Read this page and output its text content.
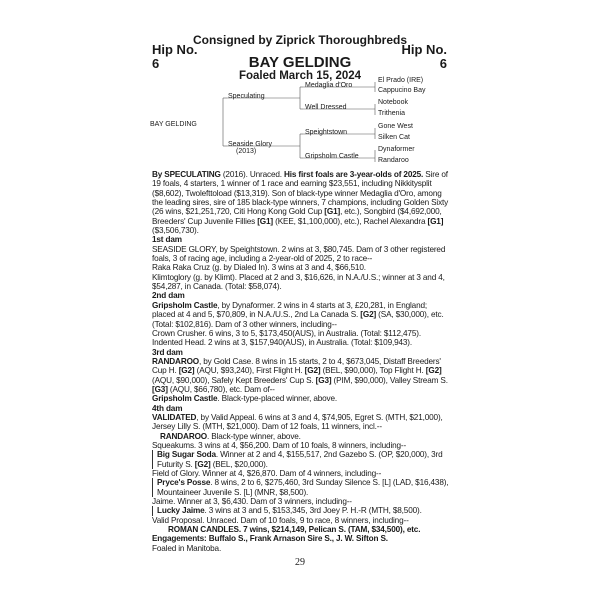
Consigned by Ziprick Thoroughbreds
Hip No.
6
Hip No.
6
BAY GELDING
Foaled March 15, 2024
BAY GELDING
Speculating
Seaside Glory
(2013)
Medaglia d'Oro
Well Dressed
Speightstown
Gripsholm Castle
El Prado (IRE)
Cappucino Bay
Notebook
Trithenia
Gone West
Silken Cat
Dynaformer
Randaroo

By SPECULATING (2016). Unraced. His first foals are 3-year-olds of 2025. Sire of 19 foals, 4 starters, 1 winner of 1 race and earning $23,551, including Nikkitysplit ($8,602), Twolefttoload ($13,319). Son of black-type winner Medaglia d'Oro, among the leading sires, sire of 185 black-type winners, 7 champions, including Golden Sixty (26 wins, $21,251,720, Citi Hong Kong Gold Cup [G1], etc.), Songbird ($4,692,000, Breeders' Cup Juvenile Fillies [G1] (KEE, $1,100,000), etc.), Rachel Alexandra [G1] ($3,506,730).

1st dam

SEASIDE GLORY, by Speightstown. 2 wins at 3, $80,745. Dam of 3 other registered foals, 3 of racing age, including a 2-year-old of 2025, 2 to race--

Raka Raka Cruz (g. by Dialed In). 3 wins at 3 and 4, $66,510.

Klimtoglory (g. by Klimt). Placed at 2 and 3, $16,626, in N.A./U.S.; winner at 3 and 4, $54,287, in Canada. (Total: $58,074).

2nd dam

Gripsholm Castle, by Dynaformer. 2 wins in 4 starts at 3, £20,281, in England; placed at 4 and 5, $70,809, in N.A./U.S., 2nd La Canada S. [G2] (SA, $30,000), etc. (Total: $102,816). Dam of 3 other winners, including--

Crown Crusher. 6 wins, 3 to 5, $173,450(AUS), in Australia. (Total: $112,475).

Indented Head. 2 wins at 3, $157,940(AUS), in Australia. (Total: $109,943).

3rd dam

RANDAROO, by Gold Case. 8 wins in 15 starts, 2 to 4, $673,045, Distaff Breeders' Cup H. [G2] (AQU, $93,240), First Flight H. [G2] (BEL, $90,000), Top Flight H. [G2] (AQU, $90,000), Safely Kept Breeders' Cup S. [G3] (PIM, $90,000), Valley Stream S. [G3] (AQU, $66,780), etc. Dam of--

Gripsholm Castle. Black-type-placed winner, above.

4th dam

VALIDATED, by Valid Appeal. 6 wins at 3 and 4, $74,905, Egret S. (MTH, $21,000), Jersey Lilly S. (MTH, $21,000). Dam of 12 foals, 11 winners, incl.--

RANDAROO. Black-type winner, above.

Squeakums. 3 wins at 4, $56,200. Dam of 10 foals, 8 winners, including--

Big Sugar Soda. Winner at 2 and 4, $155,517, 2nd Gazebo S. (OP, $20,000), 3rd Futurity S. [G2] (BEL, $20,000).

Field of Glory. Winner at 4, $26,870. Dam of 4 winners, including--

Pryce's Posse. 8 wins, 2 to 6, $275,460, 3rd Sunday Silence S. [L] (LAD, $16,438), Mountaineer Juvenile S. [L] (MNR, $8,500).

Jaime. Winner at 3, $6,430. Dam of 3 winners, including--

Lucky Jaime. 3 wins at 3 and 5, $153,345, 3rd Joey P. H.-R (MTH, $8,500).

Valid Proposal. Unraced. Dam of 10 foals, 9 to race, 8 winners, including--

ROMAN CANDLES. 7 wins, $214,149, Pelican S. (TAM, $34,500), etc.

Engagements: Buffalo S., Frank Arnason Sire S., J. W. Sifton S.

Foaled in Manitoba.

29
